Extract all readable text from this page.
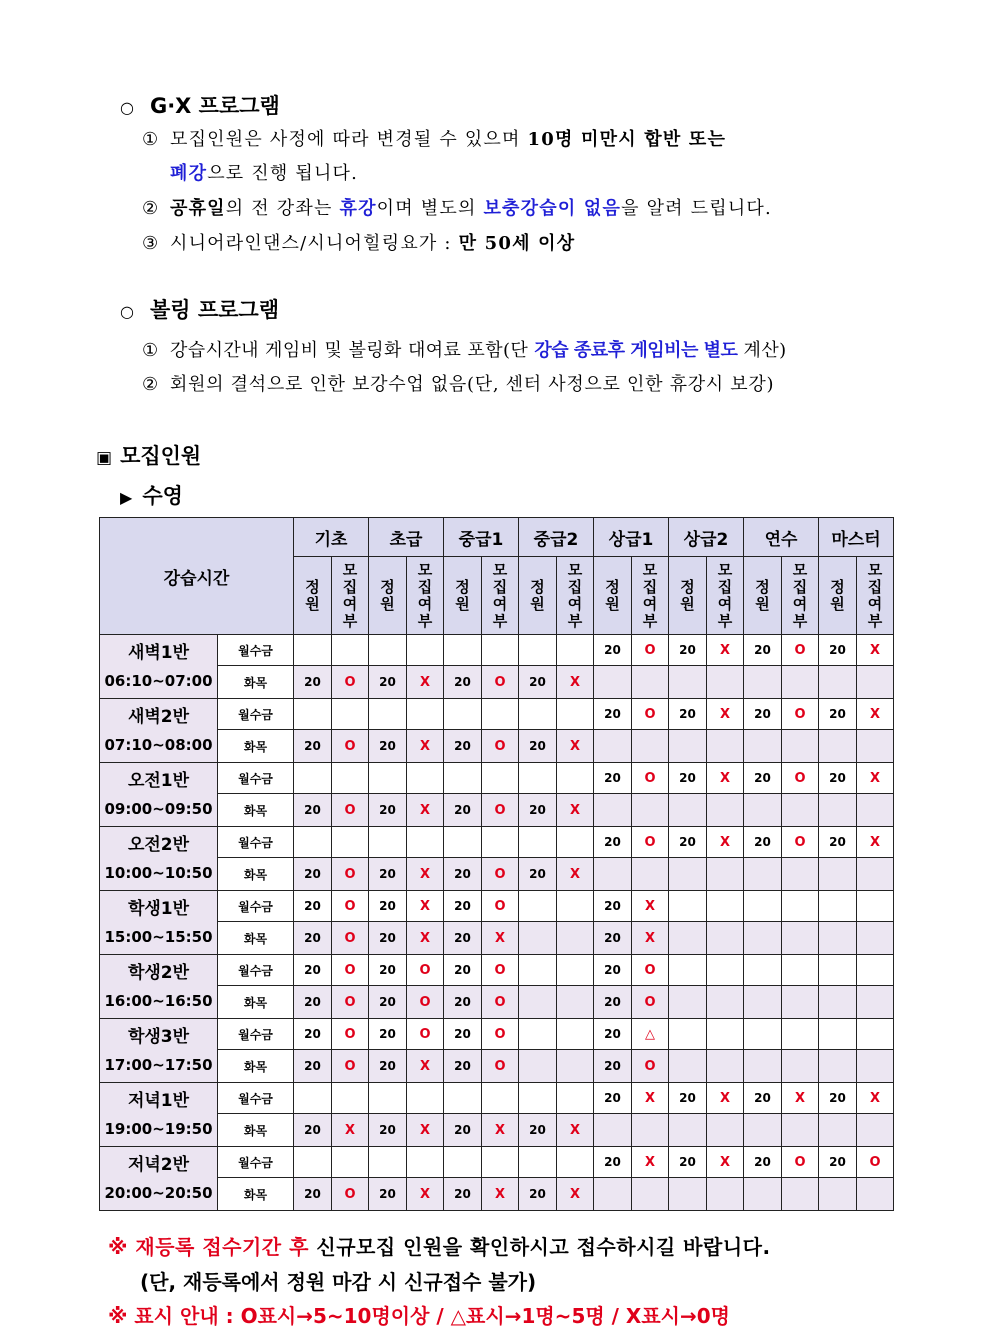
○ G·X 프로그램
① 모집인원은 사정에 따라 변경될 수 있으며 10명 미만시 합반 또는
폐강으로 진행 됩니다.
② 공휴일의 전 강좌는 휴강이며 별도의 보충강습이 없음을 알려 드립니다.
③ 시니어라인댄스/시니어힐링요가 : 만 50세 이상
○ 볼링 프로그램
① 강습시간내 게임비 및 볼링화 대여료 포함(단 강습 종료후 게임비는 별도 계산)
② 회원의 결석으로 인한 보강수업 없음(단, 센터 사정으로 인한 휴강시 보강)
▣ 모집인원
▶ 수영
강습시간		기초		초급		중급1		중급2		상급1		상급2		연수		마스터	

		정
원	모
집
여
부	정
원	모
집
여
부	정
원	모
집
여
부	정
원	모
집
여
부	정
원	모
집
여
부	정
원	모
집
여
부	정
원	모
집
여
부	정
원	모
집
여
부

새벽1반
06:10~07:00	월수금									20	O	20	X	20	O	20	X
	화목	20	O	20	X	20	O	20	X								

새벽2반
07:10~08:00	월수금									20	O	20	X	20	O	20	X
	화목	20	O	20	X	20	O	20	X								

오전1반
09:00~09:50	월수금									20	O	20	X	20	O	20	X
	화목	20	O	20	X	20	O	20	X								

오전2반
10:00~10:50	월수금									20	O	20	X	20	O	20	X
	화목	20	O	20	X	20	O	20	X								

학생1반
15:00~15:50	월수금	20	O	20	X	20	O			20	X						
	화목	20	O	20	X	20	X			20	X						

학생2반
16:00~16:50	월수금	20	O	20	O	20	O			20	O						
	화목	20	O	20	O	20	O			20	O						

학생3반
17:00~17:50	월수금	20	O	20	O	20	O			20	△						
	화목	20	O	20	X	20	O			20	O						

저녁1반
19:00~19:50	월수금									20	X	20	X	20	X	20	X
	화목	20	X	20	X	20	X	20	X								

저녁2반
20:00~20:50	월수금									20	X	20	X	20	O	20	O
	화목	20	O	20	X	20	X	20	X								
※ 재등록 접수기간 후 신규모집 인원을 확인하시고 접수하시길 바랍니다.
(단, 재등록에서 정원 마감 시 신규접수 불가)
※ 표시 안내 : O표시→5~10명이상 / △표시→1명~5명 / X표시→0명
